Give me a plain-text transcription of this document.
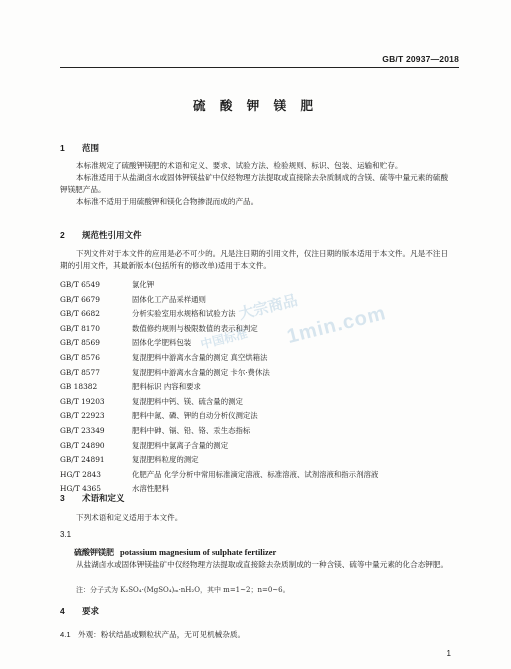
GB/T 20937—2018
硫 酸 钾 镁 肥
1 范围

本标准规定了硫酸钾镁肥的术语和定义、要求、试验方法、检验规则、标识、包装、运输和贮存。

本标准适用于从盐湖卤水或固体钾镁盐矿中仅经物理方法提取或直接除去杂质制成的含镁、硫等中量元素的硫酸钾镁肥产品。

本标准不适用于用硫酸钾和镁化合物掺混而成的产品。

2 规范性引用文件

下列文件对于本文件的应用是必不可少的。凡是注日期的引用文件，仅注日期的版本适用于本文件。凡是不注日期的引用文件，其最新版本(包括所有的修改单)适用于本文件。

GB/T 6549	氯化钾
GB/T 6679	固体化工产品采样通则
GB/T 6682	分析实验室用水规格和试验方法
GB/T 8170	数值修约规则与极限数值的表示和判定
GB/T 8569	固体化学肥料包装
GB/T 8576	复混肥料中游离水含量的测定 真空烘箱法
GB/T 8577	复混肥料中游离水含量的测定 卡尔·费休法
GB 18382	肥料标识 内容和要求
GB/T 19203	复混肥料中钙、镁、硫含量的测定
GB/T 22923	肥料中氮、磷、钾的自动分析仪测定法
GB/T 23349	肥料中砷、镉、铅、铬、汞生态指标
GB/T 24890	复混肥料中氯离子含量的测定
GB/T 24891	复混肥料粒度的测定
HG/T 2843	化肥产品 化学分析中常用标准滴定溶液、标准溶液、试剂溶液和指示剂溶液
HG/T 4365	水溶性肥料
3 术语和定义

下列术语和定义适用于本文件。

3.1
硫酸钾镁肥 potassium magnesium of sulphate fertilizer

从盐湖卤水或固体钾镁盐矿中仅经物理方法提取或直接除去杂质制成的一种含镁、硫等中量元素的化合态钾肥。

注：分子式为 K₂SO₄·(MgSO₄)ₘ·nH₂O，其中 m=1~2；n=0~6。
4 要求
4.1 外观：粉状结晶或颗粒状产品，无可见机械杂质。
1
大宗商品
1min.com
中国标准
